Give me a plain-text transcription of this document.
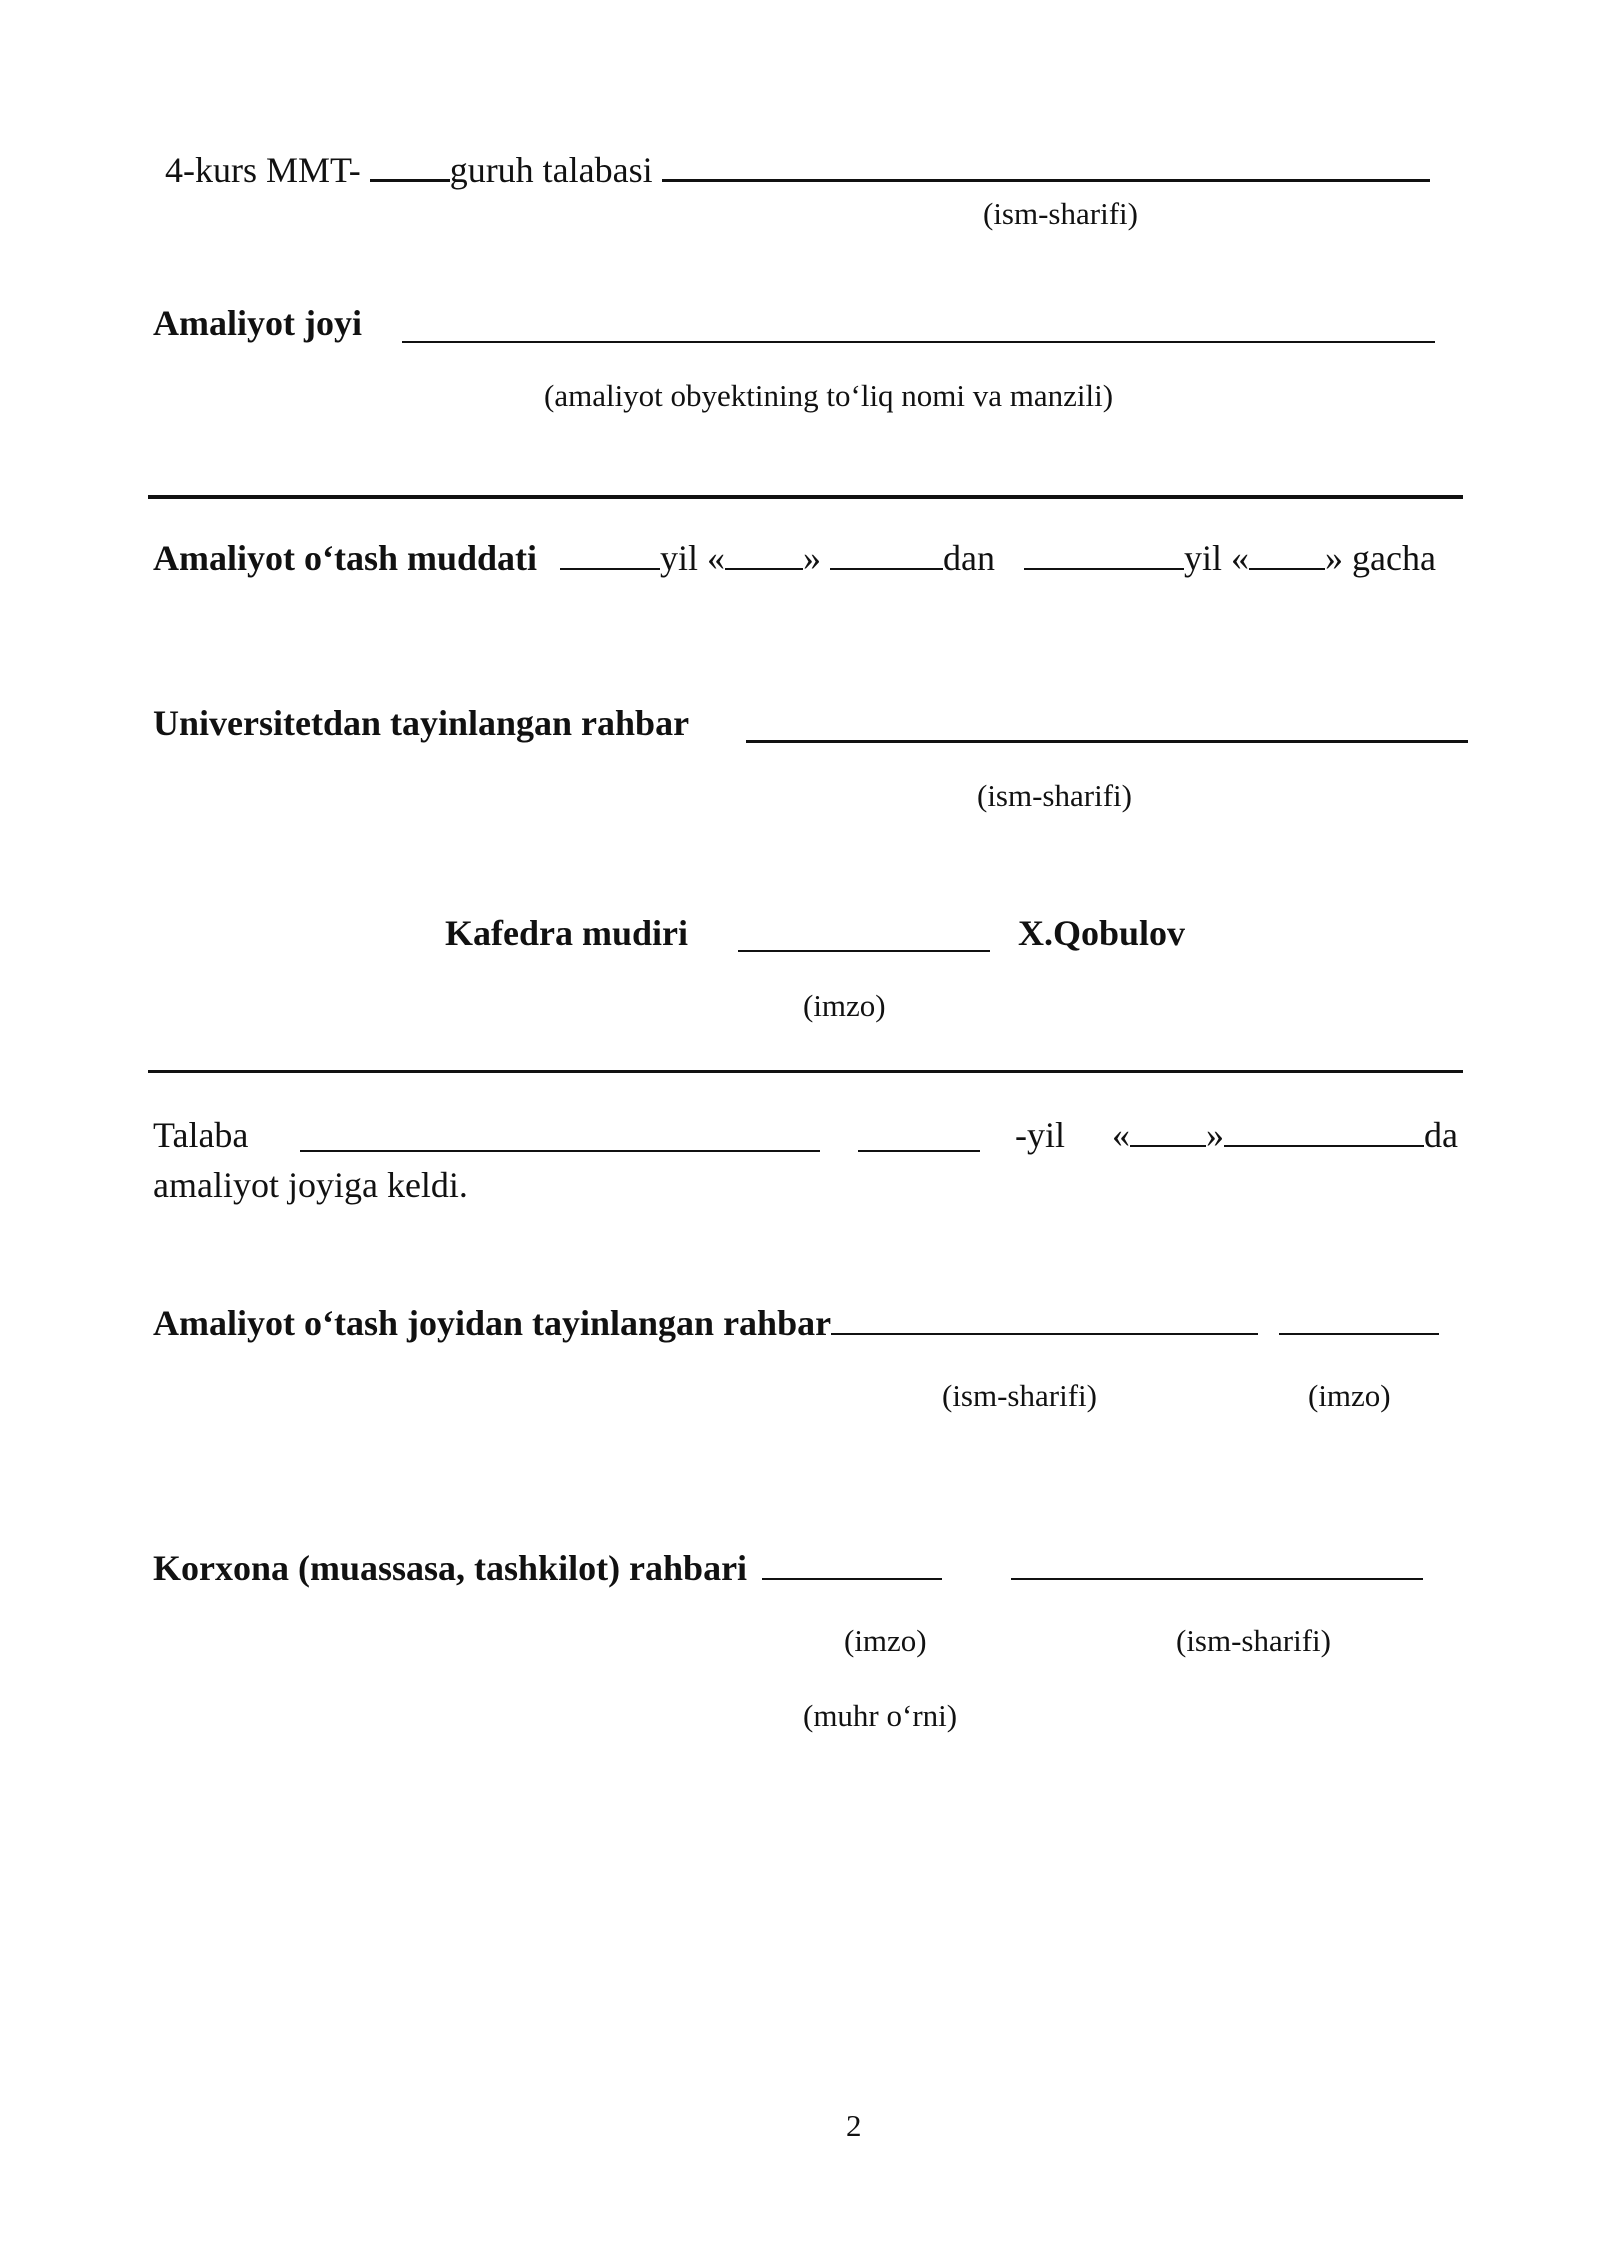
4-kurs MMT- guruh talabasi
(ism-sharifi)
Amaliyot joyi
(amaliyot obyektining to‘liq nomi va manzili)
Amaliyot o‘tash muddati	yil « »	dan	yil « » gacha
Universitetdan tayinlangan rahbar
(ism-sharifi)
Kafedra mudiri	X.Qobulov
(imzo)
Talaba	-yil « »	da
amaliyot joyiga keldi.
Amaliyot o‘tash joyidan tayinlangan rahbar
(ism-sharifi)	(imzo)
Korxona (muassasa, tashkilot) rahbari
(imzo)	(ism-sharifi)
(muhr o‘rni)
2
